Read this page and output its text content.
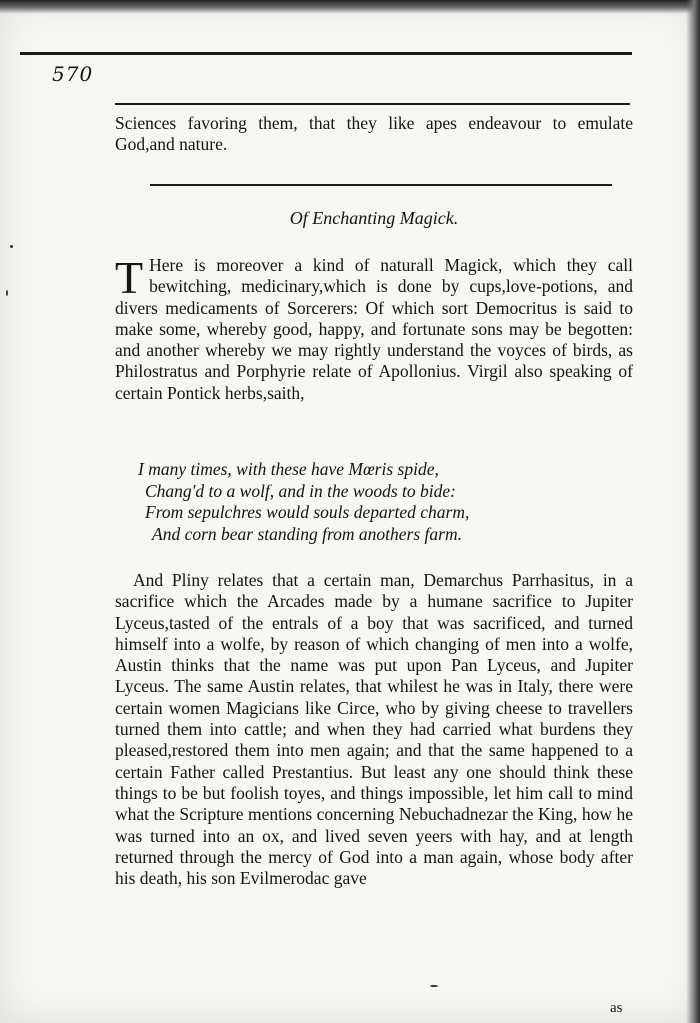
570
Sciences favoring them, that they like apes endeavour to emulate God,and nature.
Of Enchanting Magick.
T Here is moreover a kind of naturall Magick, which they call bewitching, medicinary,which is done by cups,love-potions, and divers medicaments of Sorcerers: Of which sort Democritus is said to make some, whereby good, happy, and fortunate sons may be begotten: and another whereby we may rightly understand the voyces of birds, as Philostratus and Porphyrie relate of Apollonius. Virgil also speaking of certain Pontick herbs,saith,
I many times, with these have Mœris spide,
Chang'd to a wolf, and in the woods to bide:
From sepulchres would souls departed charm,
And corn bear standing from anothers farm.
And Pliny relates that a certain man, Demarchus Parrhasitus, in a sacrifice which the Arcades made by a humane sacrifice to Jupiter Lyceus,tasted of the entrals of a boy that was sacrificed, and turned himself into a wolfe, by reason of which changing of men into a wolfe, Austin thinks that the name was put upon Pan Lyceus, and Jupiter Lyceus. The same Austin relates, that whilest he was in Italy, there were certain women Magicians like Circe, who by giving cheese to travellers turned them into cattle; and when they had carried what burdens they pleased,restored them into men again; and that the same happened to a certain Father called Prestantius. But least any one should think these things to be but foolish toyes, and things impossible, let him call to mind what the Scripture mentions concerning Nebuchadnezar the King, how he was turned into an ox, and lived seven yeers with hay, and at length returned through the mercy of God into a man again, whose body after his death, his son Evilmerodac gave
as
